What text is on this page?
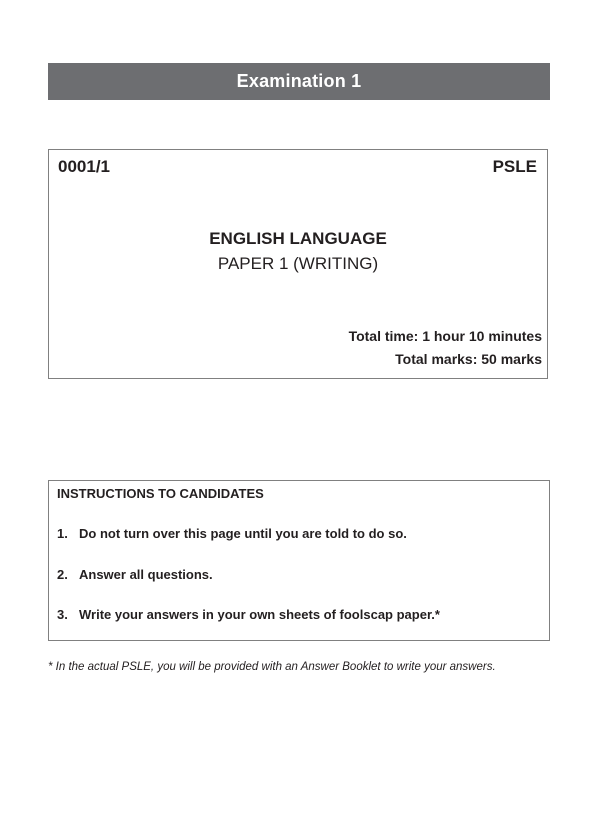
Examination 1
0001/1	PSLE
ENGLISH LANGUAGE
PAPER 1 (WRITING)
Total time: 1 hour 10 minutes
Total marks: 50 marks
INSTRUCTIONS TO CANDIDATES
1. Do not turn over this page until you are told to do so.
2. Answer all questions.
3. Write your answers in your own sheets of foolscap paper.*
* In the actual PSLE, you will be provided with an Answer Booklet to write your answers.
